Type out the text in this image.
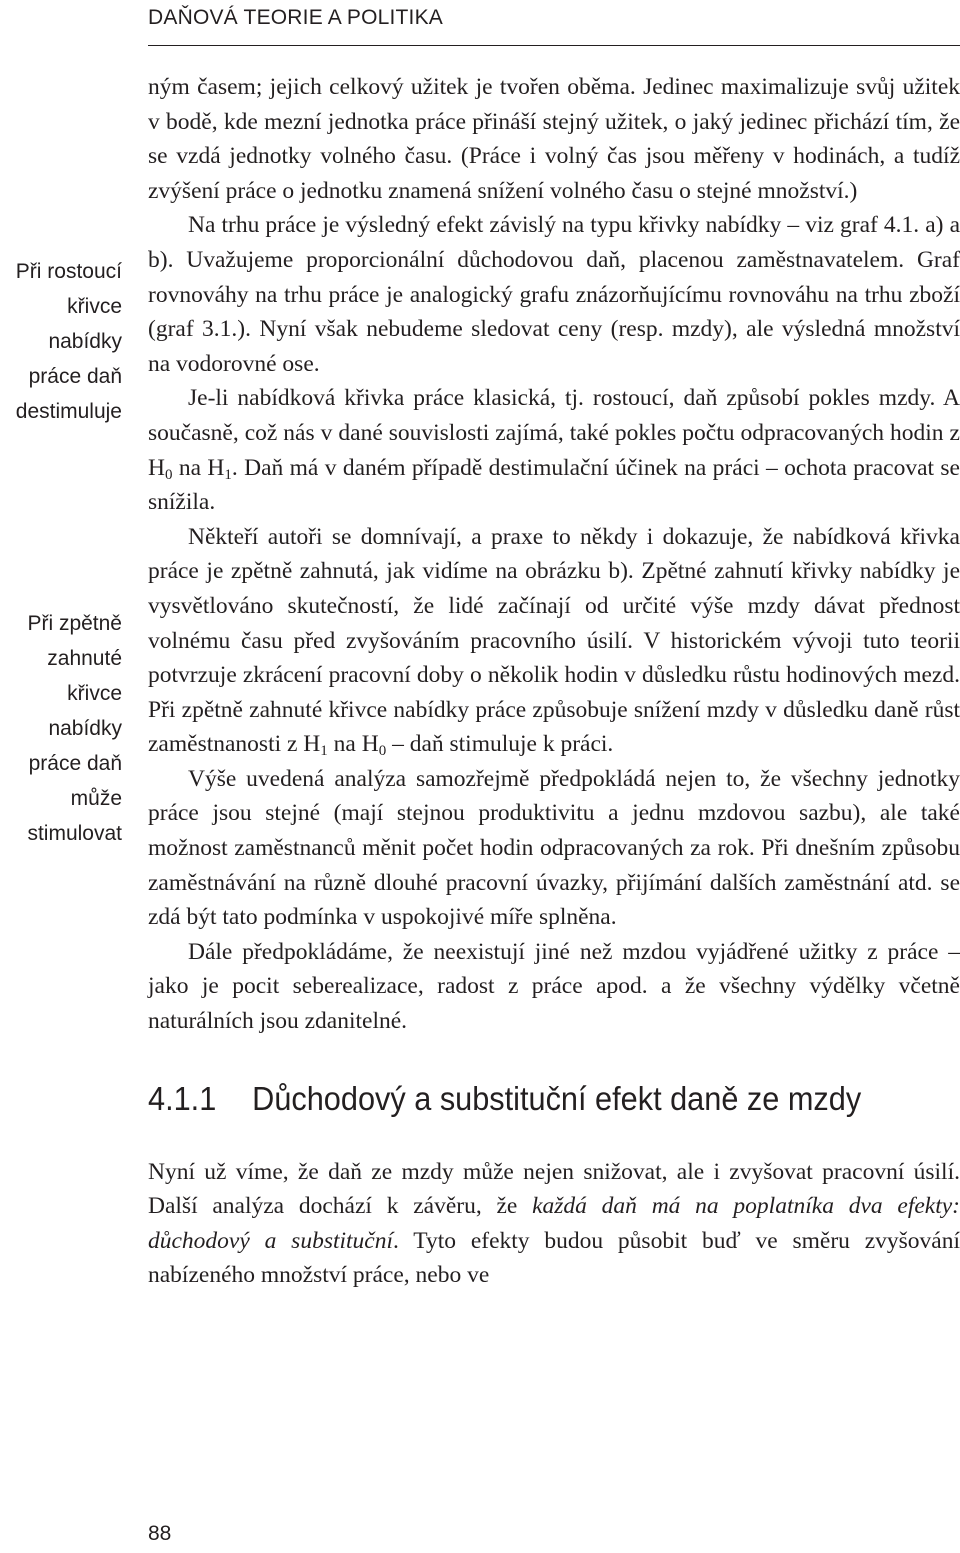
DAŇOVÁ TEORIE A POLITIKA
Při rostoucí křivce nabídky práce daň destimuluje
Při zpětně zahnuté křivce nabídky práce daň může stimulovat

ným časem; jejich celkový užitek je tvořen oběma. Jedinec maximalizuje svůj užitek v bodě, kde mezní jednotka práce přináší stejný užitek, o jaký jedinec přichází tím, že se vzdá jednotky volného času. (Práce i volný čas jsou měřeny v hodinách, a tudíž zvýšení práce o jednotku znamená snížení volného času o stejné množství.)

Na trhu práce je výsledný efekt závislý na typu křivky nabídky – viz graf 4.1. a) a b). Uvažujeme proporcionální důchodovou daň, placenou zaměstnavatelem. Graf rovnováhy na trhu práce je analogický grafu znázorňujícímu rovnováhu na trhu zboží (graf 3.1.). Nyní však nebudeme sledovat ceny (resp. mzdy), ale výsledná množství na vodorovné ose.

Je-li nabídková křivka práce klasická, tj. rostoucí, daň způsobí pokles mzdy. A současně, což nás v dané souvislosti zajímá, také pokles počtu odpracovaných hodin z $H_0$ na $H_1$. Daň má v daném případě destimulační účinek na práci – ochota pracovat se snížila.

Někteří autoři se domnívají, a praxe to někdy i dokazuje, že nabídková křivka práce je zpětně zahnutá, jak vidíme na obrázku b). Zpětné zahnutí křivky nabídky je vysvětlováno skutečností, že lidé začínají od určité výše mzdy dávat přednost volnému času před zvyšováním pracovního úsilí. V historickém vývoji tuto teorii potvrzuje zkrácení pracovní doby o několik hodin v důsledku růstu hodinových mezd. Při zpětně zahnuté křivce nabídky práce způsobuje snížení mzdy v důsledku daně růst zaměstnanosti z $H_1$ na $H_0$ – daň stimuluje k práci.

Výše uvedená analýza samozřejmě předpokládá nejen to, že všechny jednotky práce jsou stejné (mají stejnou produktivitu a jednu mzdovou sazbu), ale také možnost zaměstnanců měnit počet hodin odpracovaných za rok. Při dnešním způsobu zaměstnávání na různě dlouhé pracovní úvazky, přijímání dalších zaměstnání atd. se zdá být tato podmínka v uspokojivé míře splněna.

Dále předpokládáme, že neexistují jiné než mzdou vyjádřené užitky z práce – jako je pocit seberealizace, radost z práce apod. a že všechny výdělky včetně naturálních jsou zdanitelné.

4.1.1 Důchodový a substituční efekt daně ze mzdy

Nyní už víme, že daň ze mzdy může nejen snižovat, ale i zvyšovat pracovní úsilí. Další analýza dochází k závěru, že každá daň má na poplatníka dva efekty: důchodový a substituční. Tyto efekty budou působit buď ve směru zvyšování nabízeného množství práce, nebo ve

88
